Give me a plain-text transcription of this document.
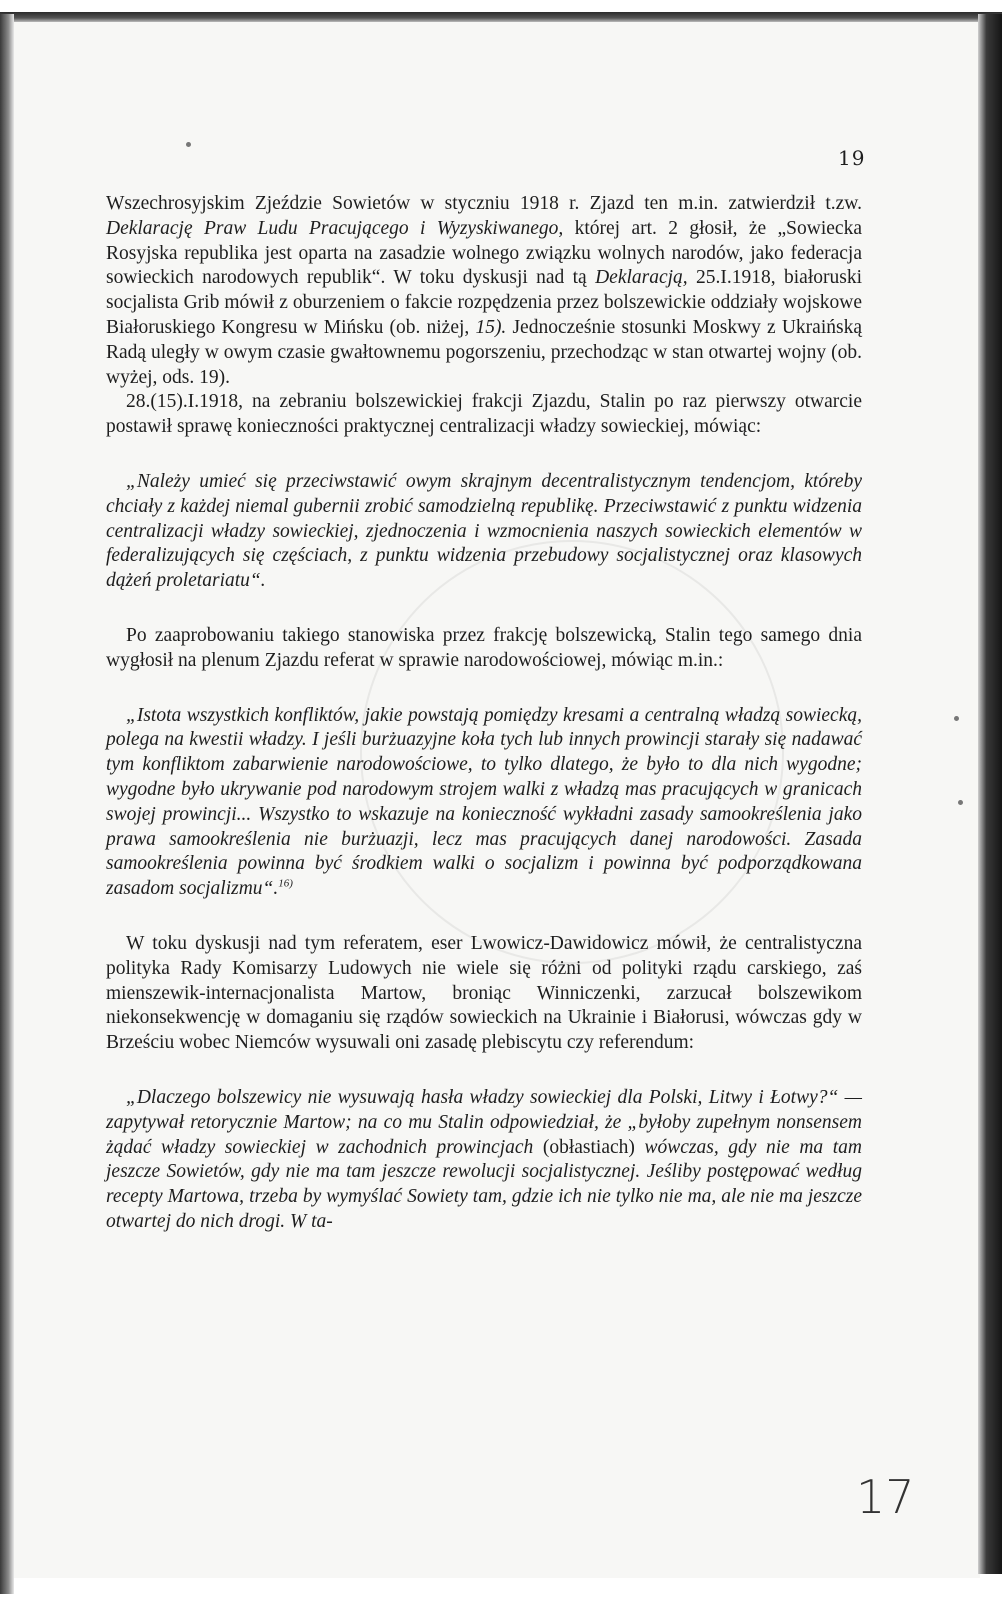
19

Wszechrosyjskim Zjeździe Sowietów w styczniu 1918 r. Zjazd ten m.in. zatwierdził t.zw. Deklarację Praw Ludu Pracującego i Wyzyskiwanego, której art. 2 głosił, że „Sowiecka Rosyjska republika jest oparta na zasadzie wolnego związku wolnych narodów, jako federacja sowieckich narodowych republik“. W toku dyskusji nad tą Deklaracją, 25.I.1918, białoruski socjalista Grib mówił z oburzeniem o fakcie rozpędzenia przez bolszewickie oddziały wojskowe Białoruskiego Kongresu w Mińsku (ob. niżej, 15). Jednocześnie stosunki Moskwy z Ukraińską Radą uległy w owym czasie gwałtownemu pogorszeniu, przechodząc w stan otwartej wojny (ob. wyżej, ods. 19).

28.(15).I.1918, na zebraniu bolszewickiej frakcji Zjazdu, Stalin po raz pierwszy otwarcie postawił sprawę konieczności praktycznej centralizacji władzy sowieckiej, mówiąc:

„Należy umieć się przeciwstawić owym skrajnym decentralistycznym tendencjom, któreby chciały z każdej niemal gubernii zrobić samodzielną republikę. Przeciwstawić z punktu widzenia centralizacji władzy sowieckiej, zjednoczenia i wzmocnienia naszych sowieckich elementów w federalizujących się częściach, z punktu widzenia przebudowy socjalistycznej oraz klasowych dążeń proletariatu“.

Po zaaprobowaniu takiego stanowiska przez frakcję bolszewicką, Stalin tego samego dnia wygłosił na plenum Zjazdu referat w sprawie narodowościowej, mówiąc m.in.:

„Istota wszystkich konfliktów, jakie powstają pomiędzy kresami a centralną władzą sowiecką, polega na kwestii władzy. I jeśli burżuazyjne koła tych lub innych prowincji starały się nadawać tym konfliktom zabarwienie narodowościowe, to tylko dlatego, że było to dla nich wygodne; wygodne było ukrywanie pod narodowym strojem walki z władzą mas pracujących w granicach swojej prowincji... Wszystko to wskazuje na konieczność wykładni zasady samookreślenia jako prawa samookreślenia nie burżuazji, lecz mas pracujących danej narodowości. Zasada samookreślenia powinna być środkiem walki o socjalizm i powinna być podporządkowana zasadom socjalizmu“.$^{16)}$

W toku dyskusji nad tym referatem, eser Lwowicz-Dawidowicz mówił, że centralistyczna polityka Rady Komisarzy Ludowych nie wiele się różni od polityki rządu carskiego, zaś mienszewik-internacjonalista Martow, broniąc Winniczenki, zarzucał bolszewikom niekonsekwencję w domaganiu się rządów sowieckich na Ukrainie i Białorusi, wówczas gdy w Brześciu wobec Niemców wysuwali oni zasadę plebiscytu czy referendum:

„Dlaczego bolszewicy nie wysuwają hasła władzy sowieckiej dla Polski, Litwy i Łotwy?“ — zapytywał retorycznie Martow; na co mu Stalin odpowiedział, że „byłoby zupełnym nonsensem żądać władzy sowieckiej w zachodnich prowincjach (obłastiach) wówczas, gdy nie ma tam jeszcze Sowietów, gdy nie ma tam jeszcze rewolucji socjalistycznej. Jeśliby postępować według recepty Martowa, trzeba by wymyślać Sowiety tam, gdzie ich nie tylko nie ma, ale nie ma jeszcze otwartej do nich drogi. W ta-

17
